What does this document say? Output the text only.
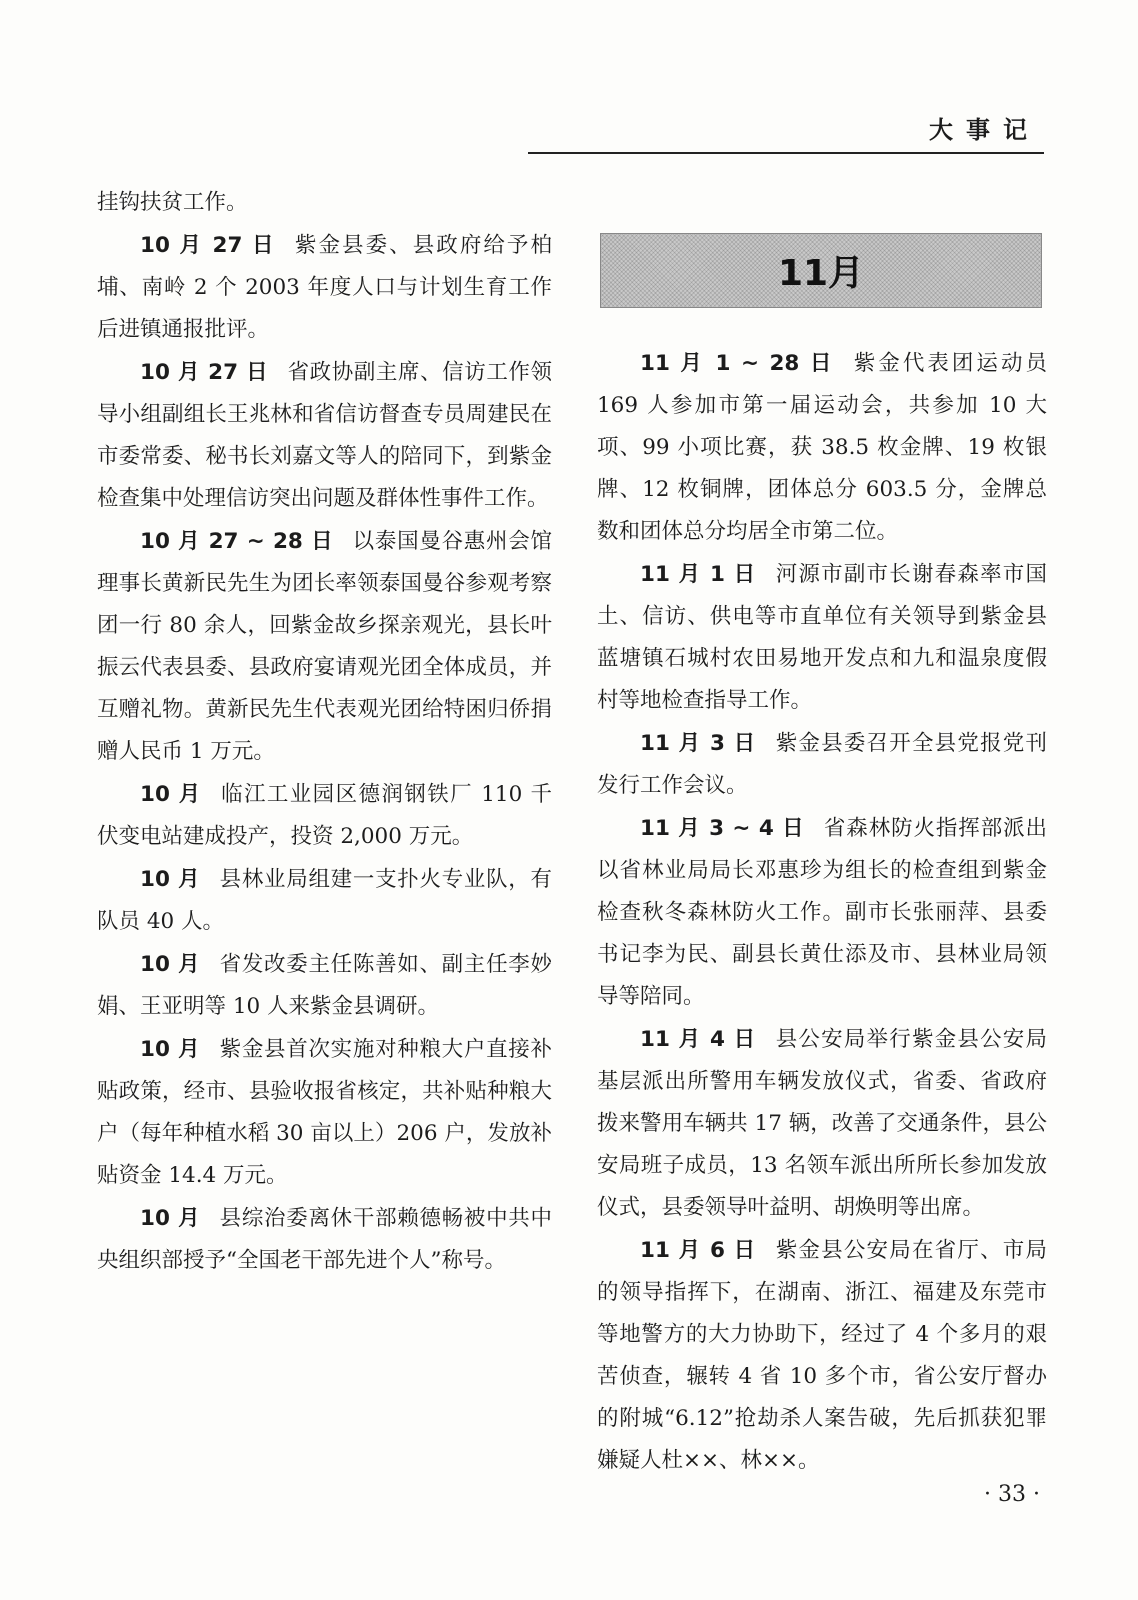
大事记

挂钩扶贫工作。

10 月 27 日 紫金县委、县政府给予柏埔、南岭 2 个 2003 年度人口与计划生育工作后进镇通报批评。

10 月 27 日 省政协副主席、信访工作领导小组副组长王兆林和省信访督查专员周建民在市委常委、秘书长刘嘉文等人的陪同下，到紫金检查集中处理信访突出问题及群体性事件工作。

10 月 27 ~ 28 日 以泰国曼谷惠州会馆理事长黄新民先生为团长率领泰国曼谷参观考察团一行 80 余人，回紫金故乡探亲观光，县长叶振云代表县委、县政府宴请观光团全体成员，并互赠礼物。黄新民先生代表观光团给特困归侨捐赠人民币 1 万元。

10 月 临江工业园区德润钢铁厂 110 千伏变电站建成投产，投资 2,000 万元。

10 月 县林业局组建一支扑火专业队，有队员 40 人。

10 月 省发改委主任陈善如、副主任李妙娟、王亚明等 10 人来紫金县调研。

10 月 紫金县首次实施对种粮大户直接补贴政策，经市、县验收报省核定，共补贴种粮大户（每年种植水稻 30 亩以上）206 户，发放补贴资金 14.4 万元。

10 月 县综治委离休干部赖德畅被中共中央组织部授予“全国老干部先进个人”称号。

11月

11 月 1 ~ 28 日 紫金代表团运动员 169 人参加市第一届运动会，共参加 10 大项、99 小项比赛，获 38.5 枚金牌、19 枚银牌、12 枚铜牌，团体总分 603.5 分，金牌总数和团体总分均居全市第二位。

11 月 1 日 河源市副市长谢春森率市国土、信访、供电等市直单位有关领导到紫金县蓝塘镇石城村农田易地开发点和九和温泉度假村等地检查指导工作。

11 月 3 日 紫金县委召开全县党报党刊发行工作会议。

11 月 3 ~ 4 日 省森林防火指挥部派出以省林业局局长邓惠珍为组长的检查组到紫金检查秋冬森林防火工作。副市长张丽萍、县委书记李为民、副县长黄仕添及市、县林业局领导等陪同。

11 月 4 日 县公安局举行紫金县公安局基层派出所警用车辆发放仪式，省委、省政府拨来警用车辆共 17 辆，改善了交通条件，县公安局班子成员，13 名领车派出所所长参加发放仪式，县委领导叶益明、胡焕明等出席。

11 月 6 日 紫金县公安局在省厅、市局的领导指挥下，在湖南、浙江、福建及东莞市等地警方的大力协助下，经过了 4 个多月的艰苦侦查，辗转 4 省 10 多个市，省公安厅督办的附城“6.12”抢劫杀人案告破，先后抓获犯罪嫌疑人杜××、林××。

· 33 ·
